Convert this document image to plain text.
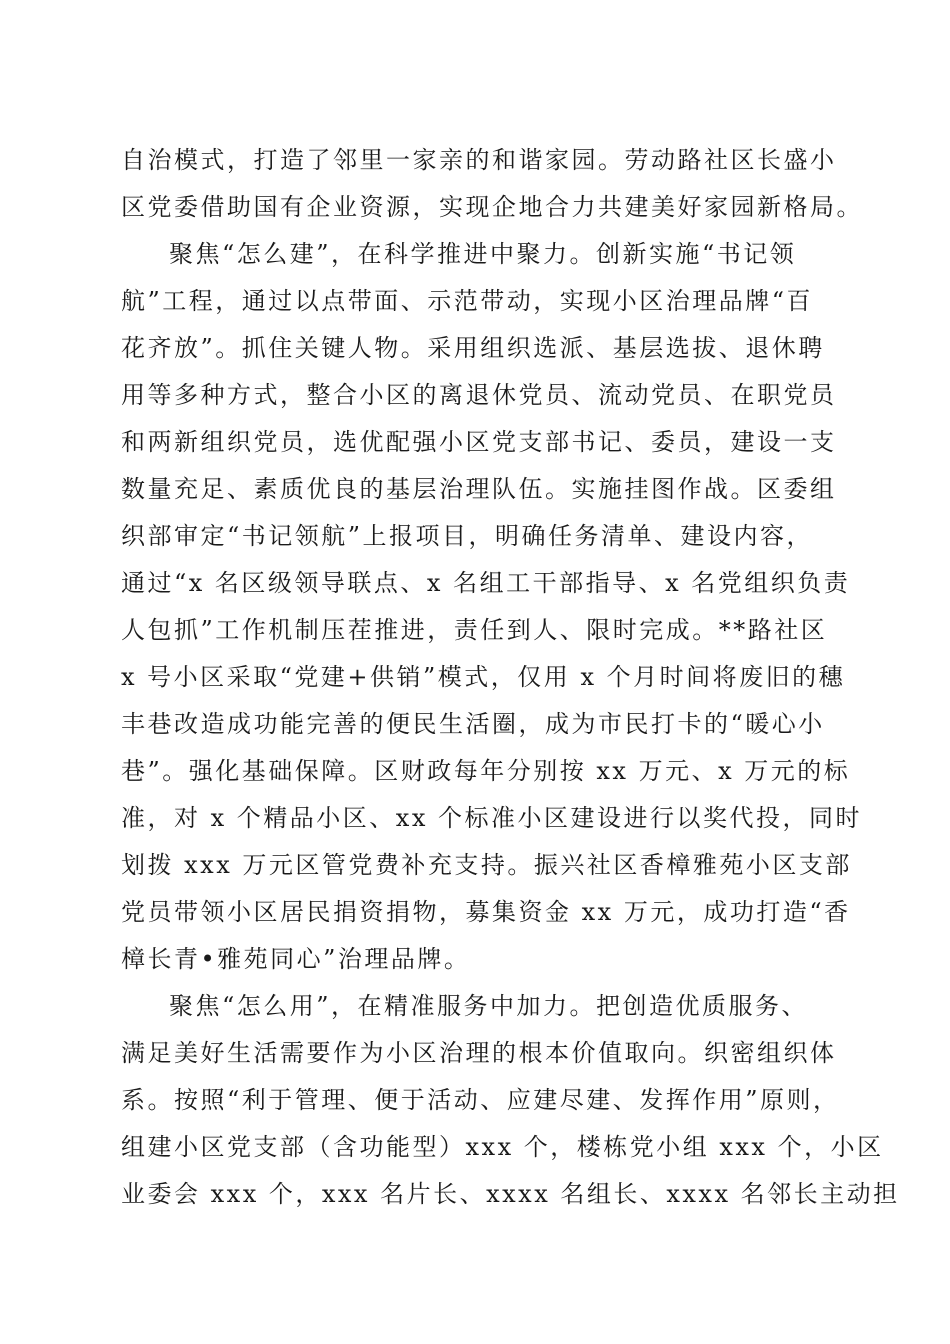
自治模式，打造了邻里一家亲的和谐家园。劳动路社区长盛小
区党委借助国有企业资源，实现企地合力共建美好家园新格局。
聚焦“怎么建”，在科学推进中聚力。创新实施“书记领
航”工程，通过以点带面、示范带动，实现小区治理品牌“百
花齐放”。抓住关键人物。采用组织选派、基层选拔、退休聘
用等多种方式，整合小区的离退休党员、流动党员、在职党员
和两新组织党员，选优配强小区党支部书记、委员，建设一支
数量充足、素质优良的基层治理队伍。实施挂图作战。区委组
织部审定“书记领航”上报项目，明确任务清单、建设内容，
通过“x 名区级领导联点、x 名组工干部指导、x 名党组织负责
人包抓”工作机制压茬推进，责任到人、限时完成。**路社区
x 号小区采取“党建+供销”模式，仅用 x 个月时间将废旧的穗
丰巷改造成功能完善的便民生活圈，成为市民打卡的“暖心小
巷”。强化基础保障。区财政每年分别按 xx 万元、x 万元的标
准，对 x 个精品小区、xx 个标准小区建设进行以奖代投，同时
划拨 xxx 万元区管党费补充支持。振兴社区香樟雅苑小区支部
党员带领小区居民捐资捐物，募集资金 xx 万元，成功打造“香
樟长青•雅苑同心”治理品牌。
聚焦“怎么用”，在精准服务中加力。把创造优质服务、
满足美好生活需要作为小区治理的根本价值取向。织密组织体
系。按照“利于管理、便于活动、应建尽建、发挥作用”原则，
组建小区党支部（含功能型）xxx 个，楼栋党小组 xxx 个，小区
业委会 xxx 个，xxx 名片长、xxxx 名组长、xxxx 名邻长主动担
